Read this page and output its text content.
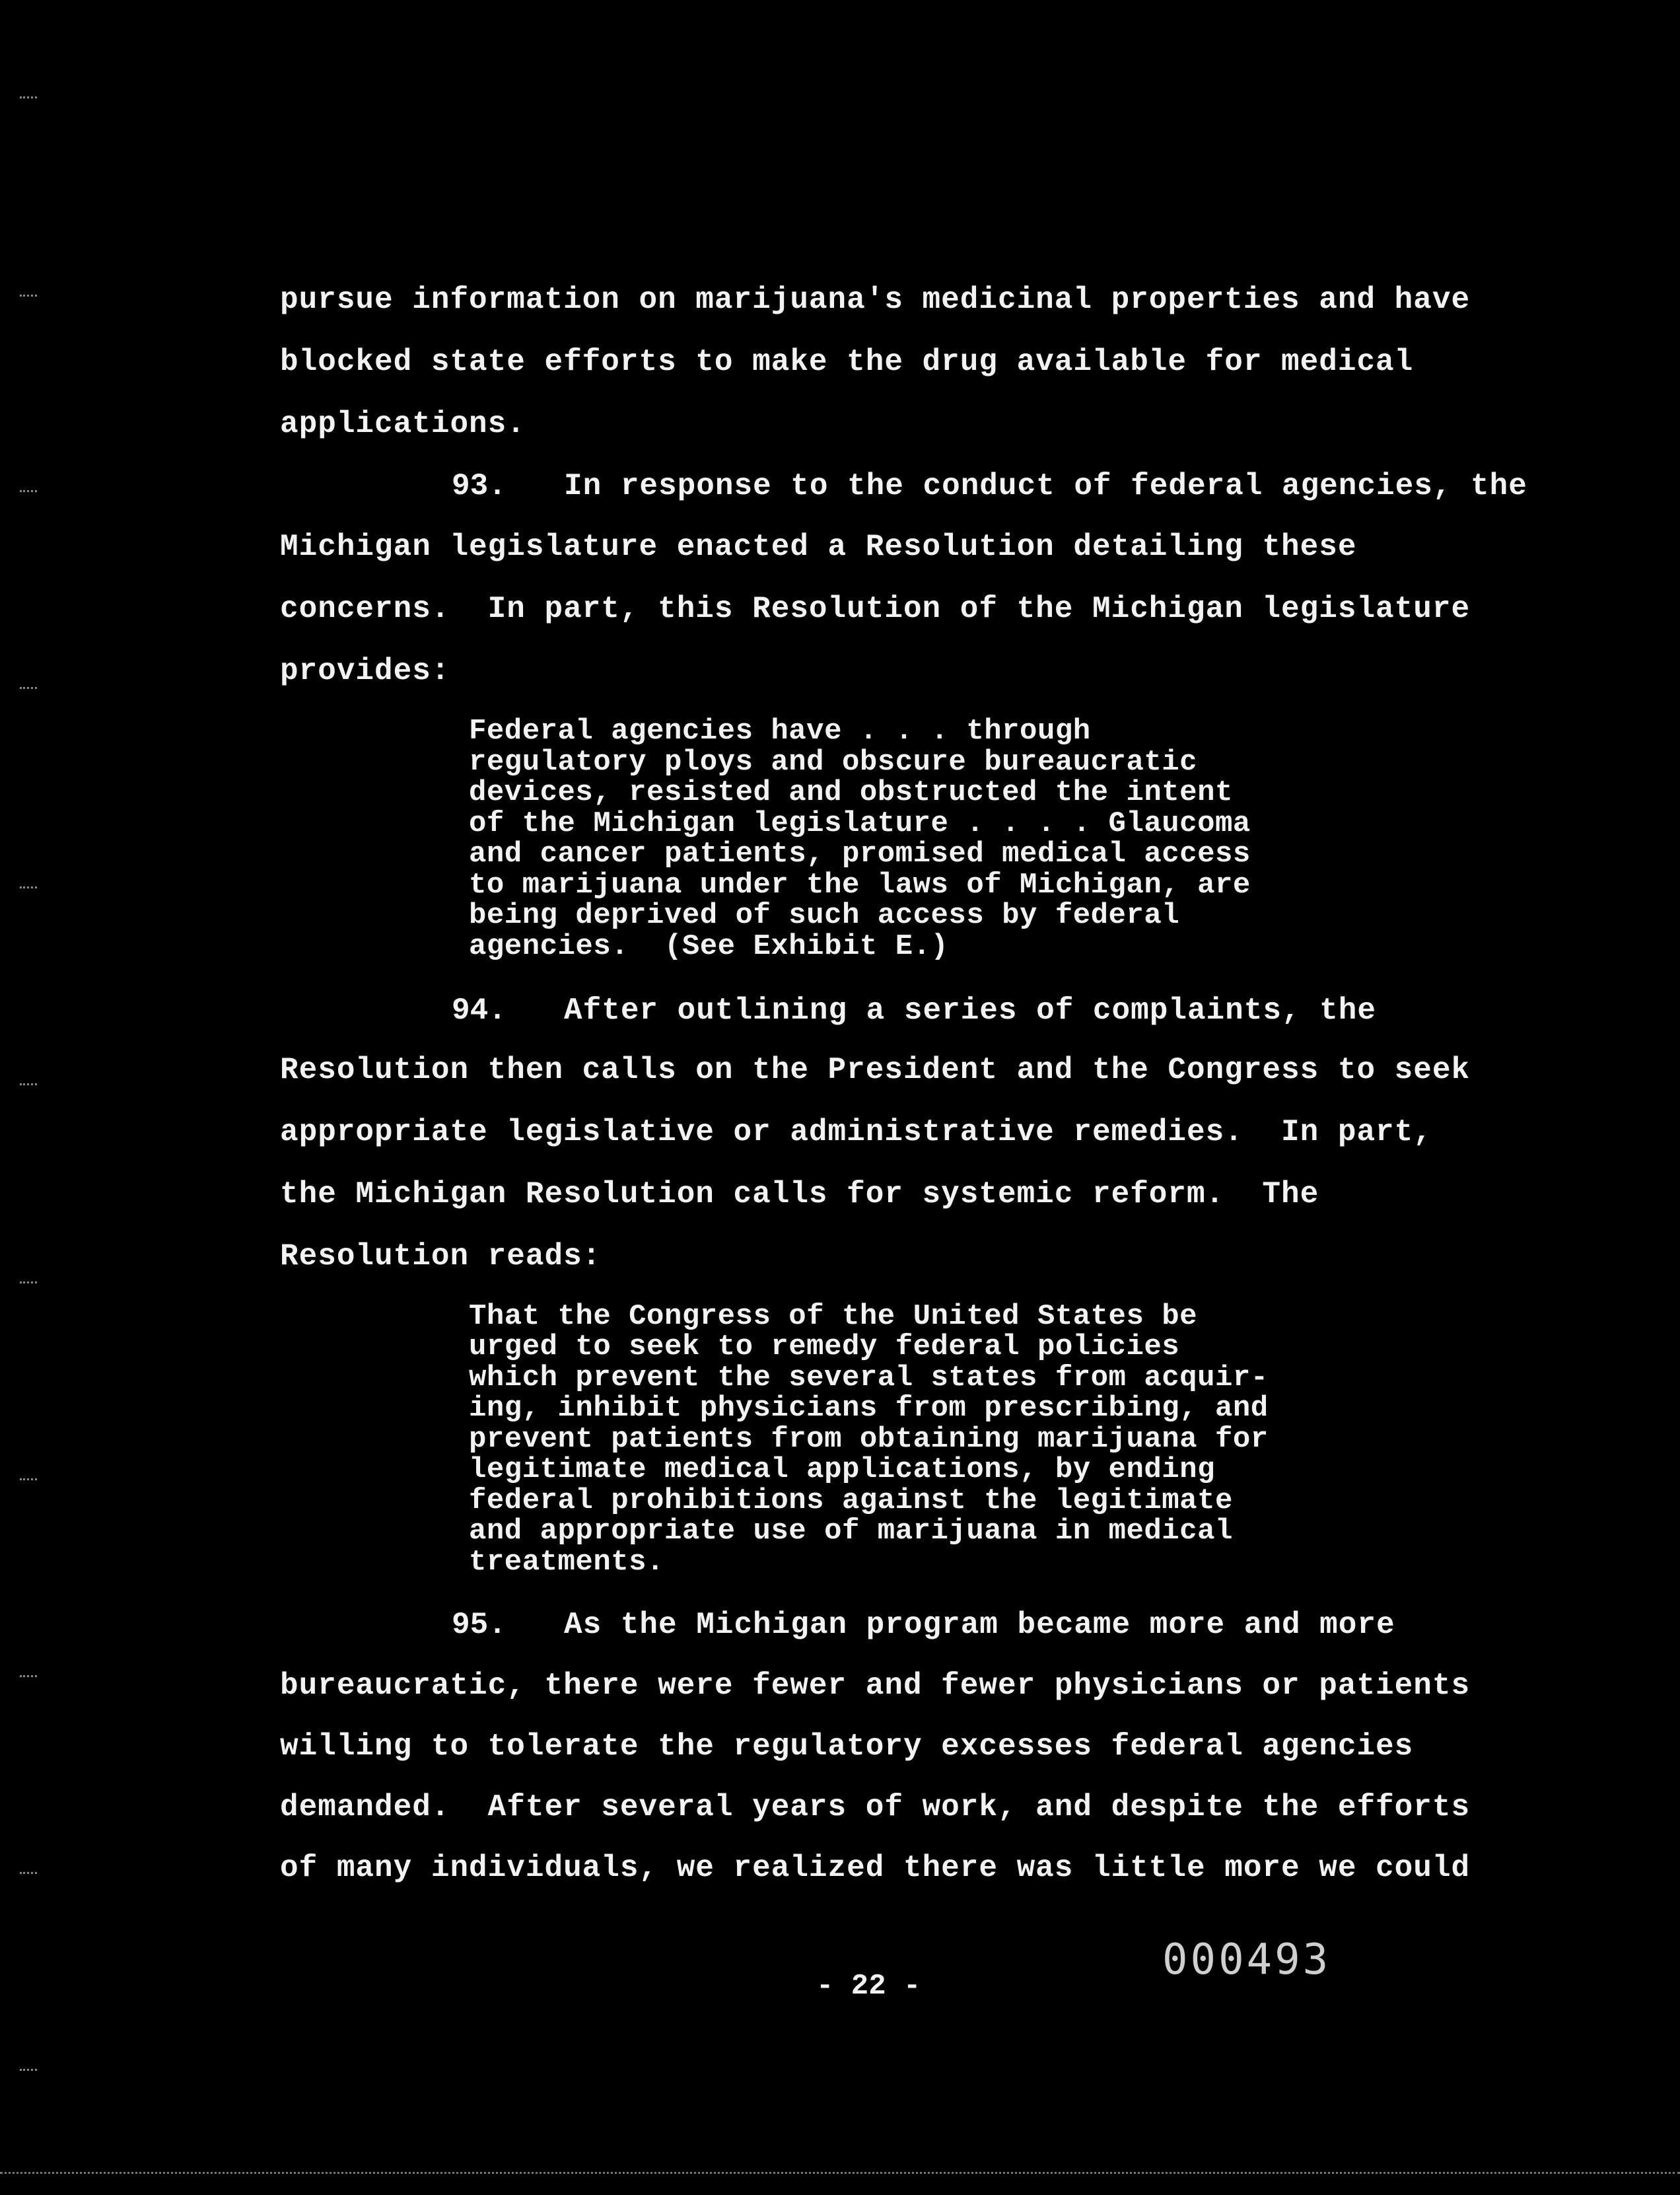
pursue information on marijuana's medicinal properties and have
blocked state efforts to make the drug available for medical
applications.
93. In response to the conduct of federal agencies, the
Michigan legislature enacted a Resolution detailing these
concerns.  In part, this Resolution of the Michigan legislature
provides:
Federal agencies have . . . through
regulatory ploys and obscure bureaucratic
devices, resisted and obstructed the intent
of the Michigan legislature . . . . Glaucoma
and cancer patients, promised medical access
to marijuana under the laws of Michigan, are
being deprived of such access by federal
agencies.  (See Exhibit E.)
94. After outlining a series of complaints, the
Resolution then calls on the President and the Congress to seek
appropriate legislative or administrative remedies.  In part,
the Michigan Resolution calls for systemic reform.  The
Resolution reads:
That the Congress of the United States be
urged to seek to remedy federal policies
which prevent the several states from acquir-
ing, inhibit physicians from prescribing, and
prevent patients from obtaining marijuana for
legitimate medical applications, by ending
federal prohibitions against the legitimate
and appropriate use of marijuana in medical
treatments.
95. As the Michigan program became more and more
bureaucratic, there were fewer and fewer physicians or patients
willing to tolerate the regulatory excesses federal agencies
demanded.  After several years of work, and despite the efforts
of many individuals, we realized there was little more we could
- 22 -
000493
